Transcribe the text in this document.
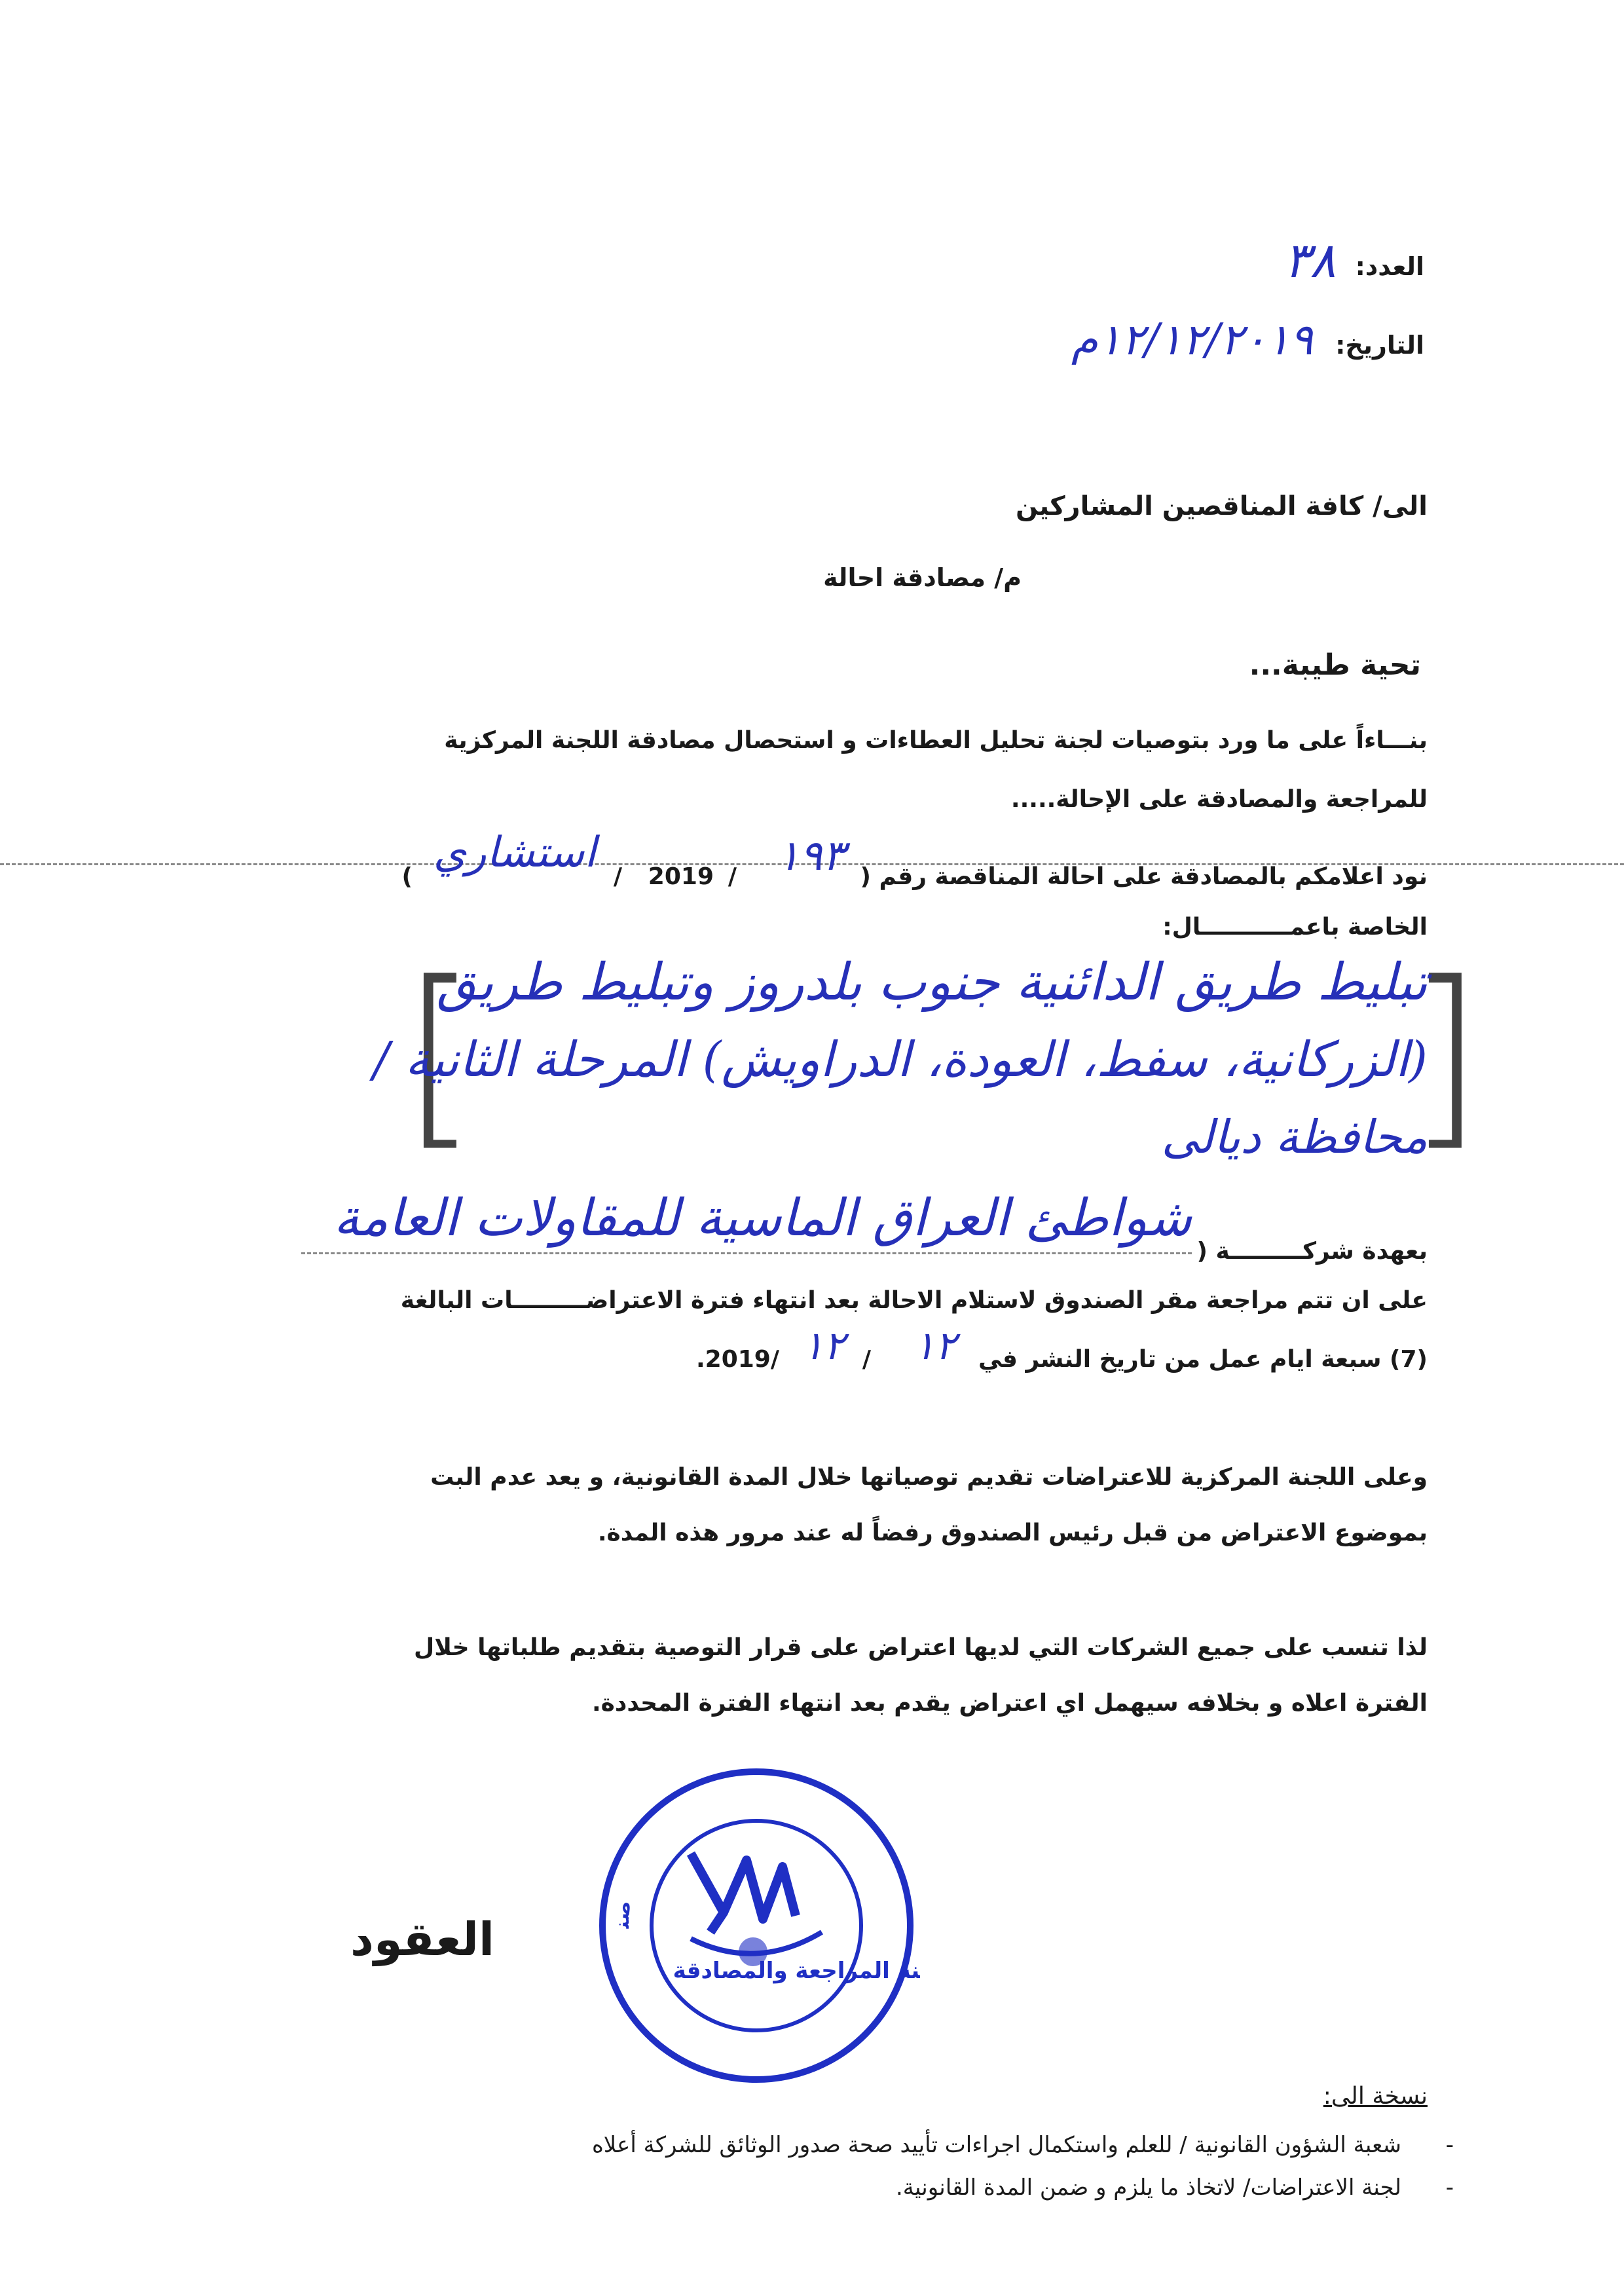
العدد:
٣٨
التاريخ:
١٢/١٢/٢٠١٩م
الى/ كافة المناقصين المشاركين
م/ مصادقة احالة
تحية طيبة...
بنـــاءاً على ما ورد بتوصيات لجنة تحليل العطاءات و استحصال مصادقة اللجنة المركزية
للمراجعة والمصادقة على الإحالة.....
نود اعلامكم بالمصادقة على احالة المناقصة رقم (
١٩٣
/
2019
/
استشاري
)
الخاصة باعمـــــــــــال:
[
]
تبليط طريق الدائنية جنوب بلدروز وتبليط طريق
(الزركانية، سفط، العودة، الدراويش) المرحلة الثانية /
محافظة ديالى
بعهدة شركـــــــــة (
شواطئ العراق الماسية للمقاولات العامة
على ان تتم مراجعة مقر الصندوق لاستلام الاحالة بعد انتهاء فترة الاعتراضـــــــــات البالغة
(7) سبعة ايام عمل من تاريخ النشر في
١٢
/
١٢
/2019.
وعلى اللجنة المركزية للاعتراضات تقديم توصياتها خلال المدة القانونية، و يعد عدم البت
بموضوع الاعتراض من قبل رئيس الصندوق رفضاً له عند مرور هذه المدة.
لذا تنسب على جميع الشركات التي لديها اعتراض على قرار التوصية بتقديم طلباتها خلال
الفترة اعلاه و بخلافه سيهمل اي اعتراض يقدم بعد انتهاء الفترة المحددة.
صن
لجنة المراجعة والمصادقة
العقود
نسخة الى:
-
شعبة الشؤون القانونية / للعلم واستكمال اجراءات تأييد صحة صدور الوثائق للشركة أعلاه
-
لجنة الاعتراضات/ لاتخاذ ما يلزم و ضمن المدة القانونية.
